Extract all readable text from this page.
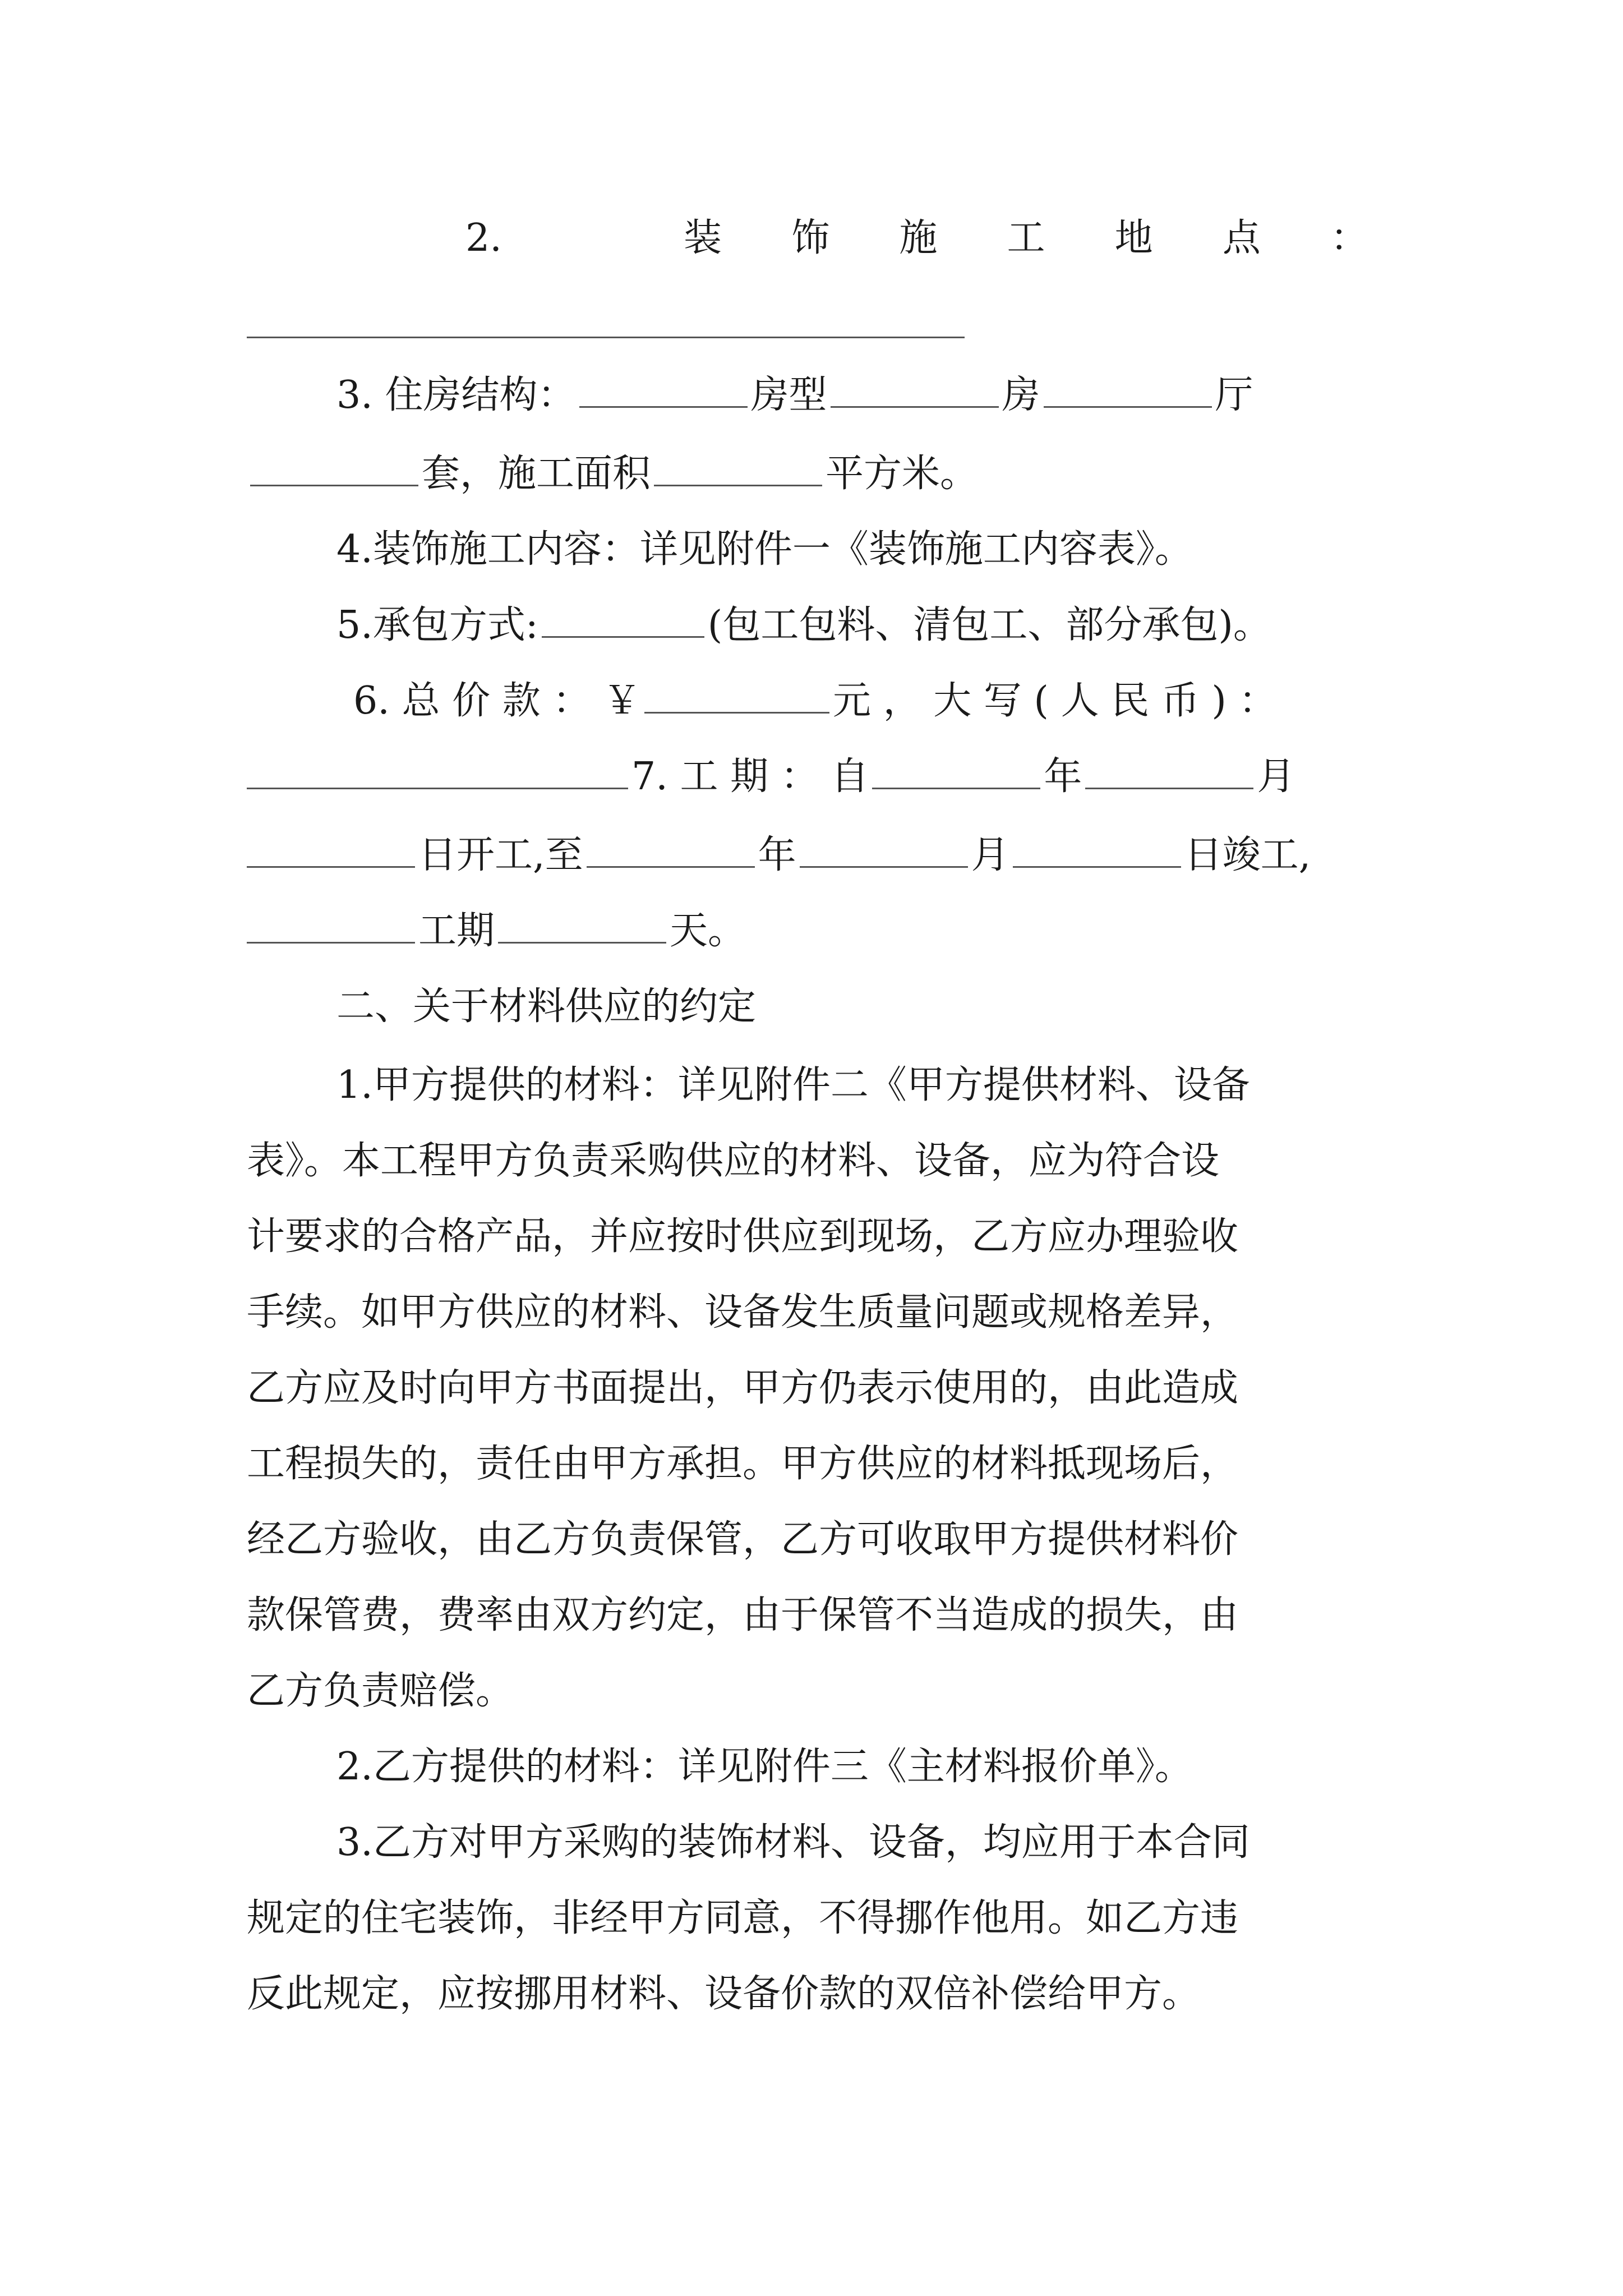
2.	装 饰 施 工 地 点 ：
3. 住房结构：	房型	房	厅
套，施工面积	平方米。
4.装饰施工内容：详见附件一《装饰施工内容表》。
5.承包方式:	(包工包料、清包工、部分承包)。
6. 总 价 款 ： ￥	元 ， 大 写 ( 人 民 币 ) ：
7. 工 期 ： 自	年	月
日开工,至	年	月	日竣工,
工期	天。
二、关于材料供应的约定
1.甲方提供的材料：详见附件二《甲方提供材料、设备
表》。本工程甲方负责采购供应的材料、设备，应为符合设
计要求的合格产品，并应按时供应到现场，乙方应办理验收
手续。如甲方供应的材料、设备发生质量问题或规格差异，
乙方应及时向甲方书面提出，甲方仍表示使用的，由此造成
工程损失的，责任由甲方承担。甲方供应的材料抵现场后，
经乙方验收，由乙方负责保管，乙方可收取甲方提供材料价
款保管费，费率由双方约定，由于保管不当造成的损失，由
乙方负责赔偿。
2.乙方提供的材料：详见附件三《主材料报价单》。
3.乙方对甲方采购的装饰材料、设备，均应用于本合同
规定的住宅装饰，非经甲方同意，不得挪作他用。如乙方违
反此规定，应按挪用材料、设备价款的双倍补偿给甲方。
